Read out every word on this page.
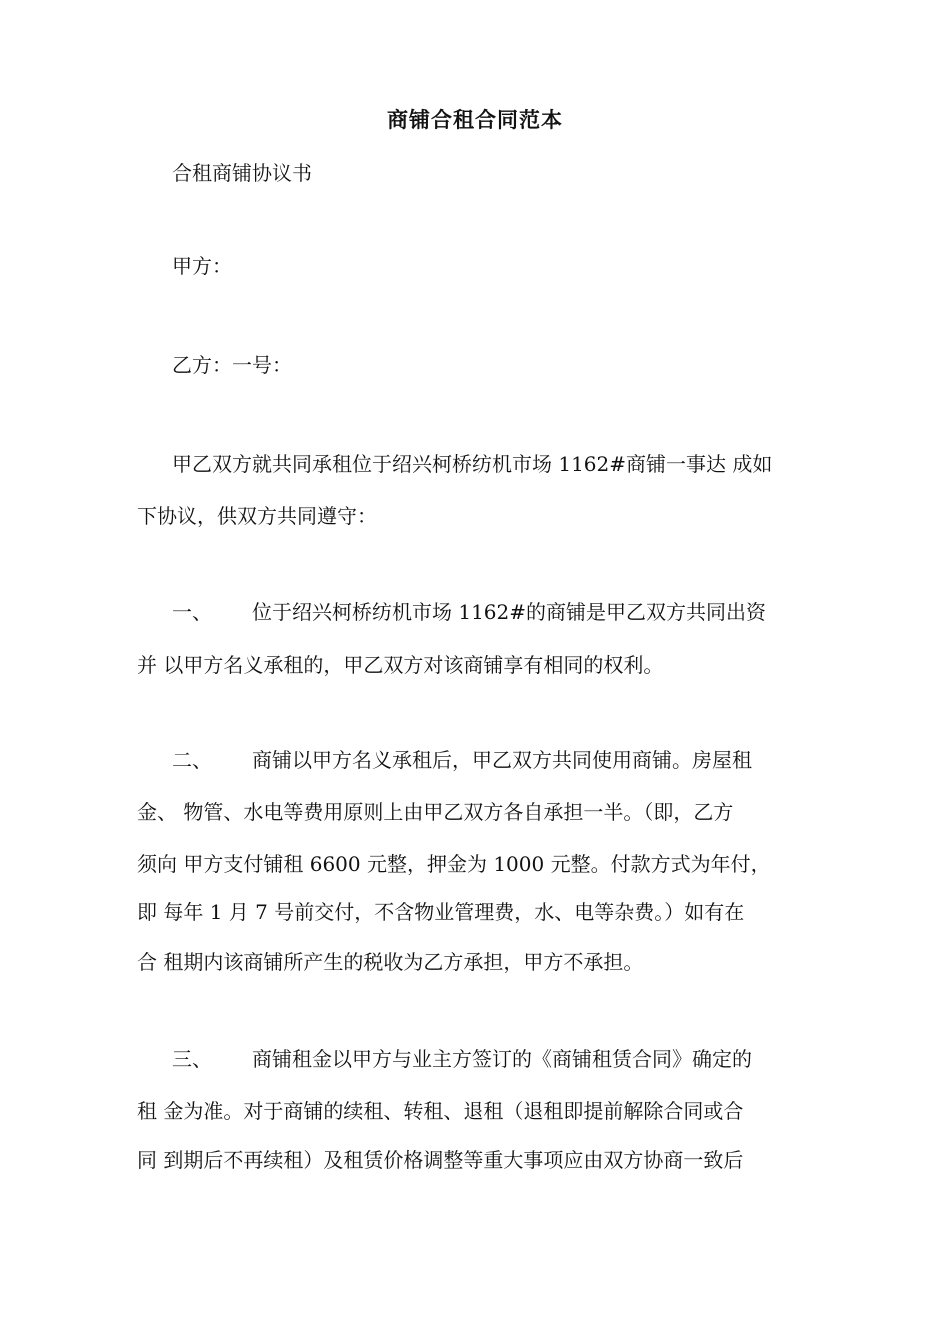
商铺合租合同范本
合租商铺协议书
甲方：
乙方：一号：
甲乙双方就共同承租位于绍兴柯桥纺机市场 1162#商铺一事达 成如
下协议，供双方共同遵守：
一、 位于绍兴柯桥纺机市场 1162#的商铺是甲乙双方共同出资
并 以甲方名义承租的，甲乙双方对该商铺享有相同的权利。
二、 商铺以甲方名义承租后，甲乙双方共同使用商铺。房屋租
金、 物管、水电等费用原则上由甲乙双方各自承担一半。（即，乙方
须向 甲方支付铺租 6600 元整，押金为 1000 元整。付款方式为年付，
即 每年 1 月 7 号前交付，不含物业管理费，水、电等杂费。）如有在
合 租期内该商铺所产生的税收为乙方承担，甲方不承担。
三、 商铺租金以甲方与业主方签订的《商铺租赁合同》确定的
租 金为准。对于商铺的续租、转租、退租（退租即提前解除合同或合
同 到期后不再续租）及租赁价格调整等重大事项应由双方协商一致后
